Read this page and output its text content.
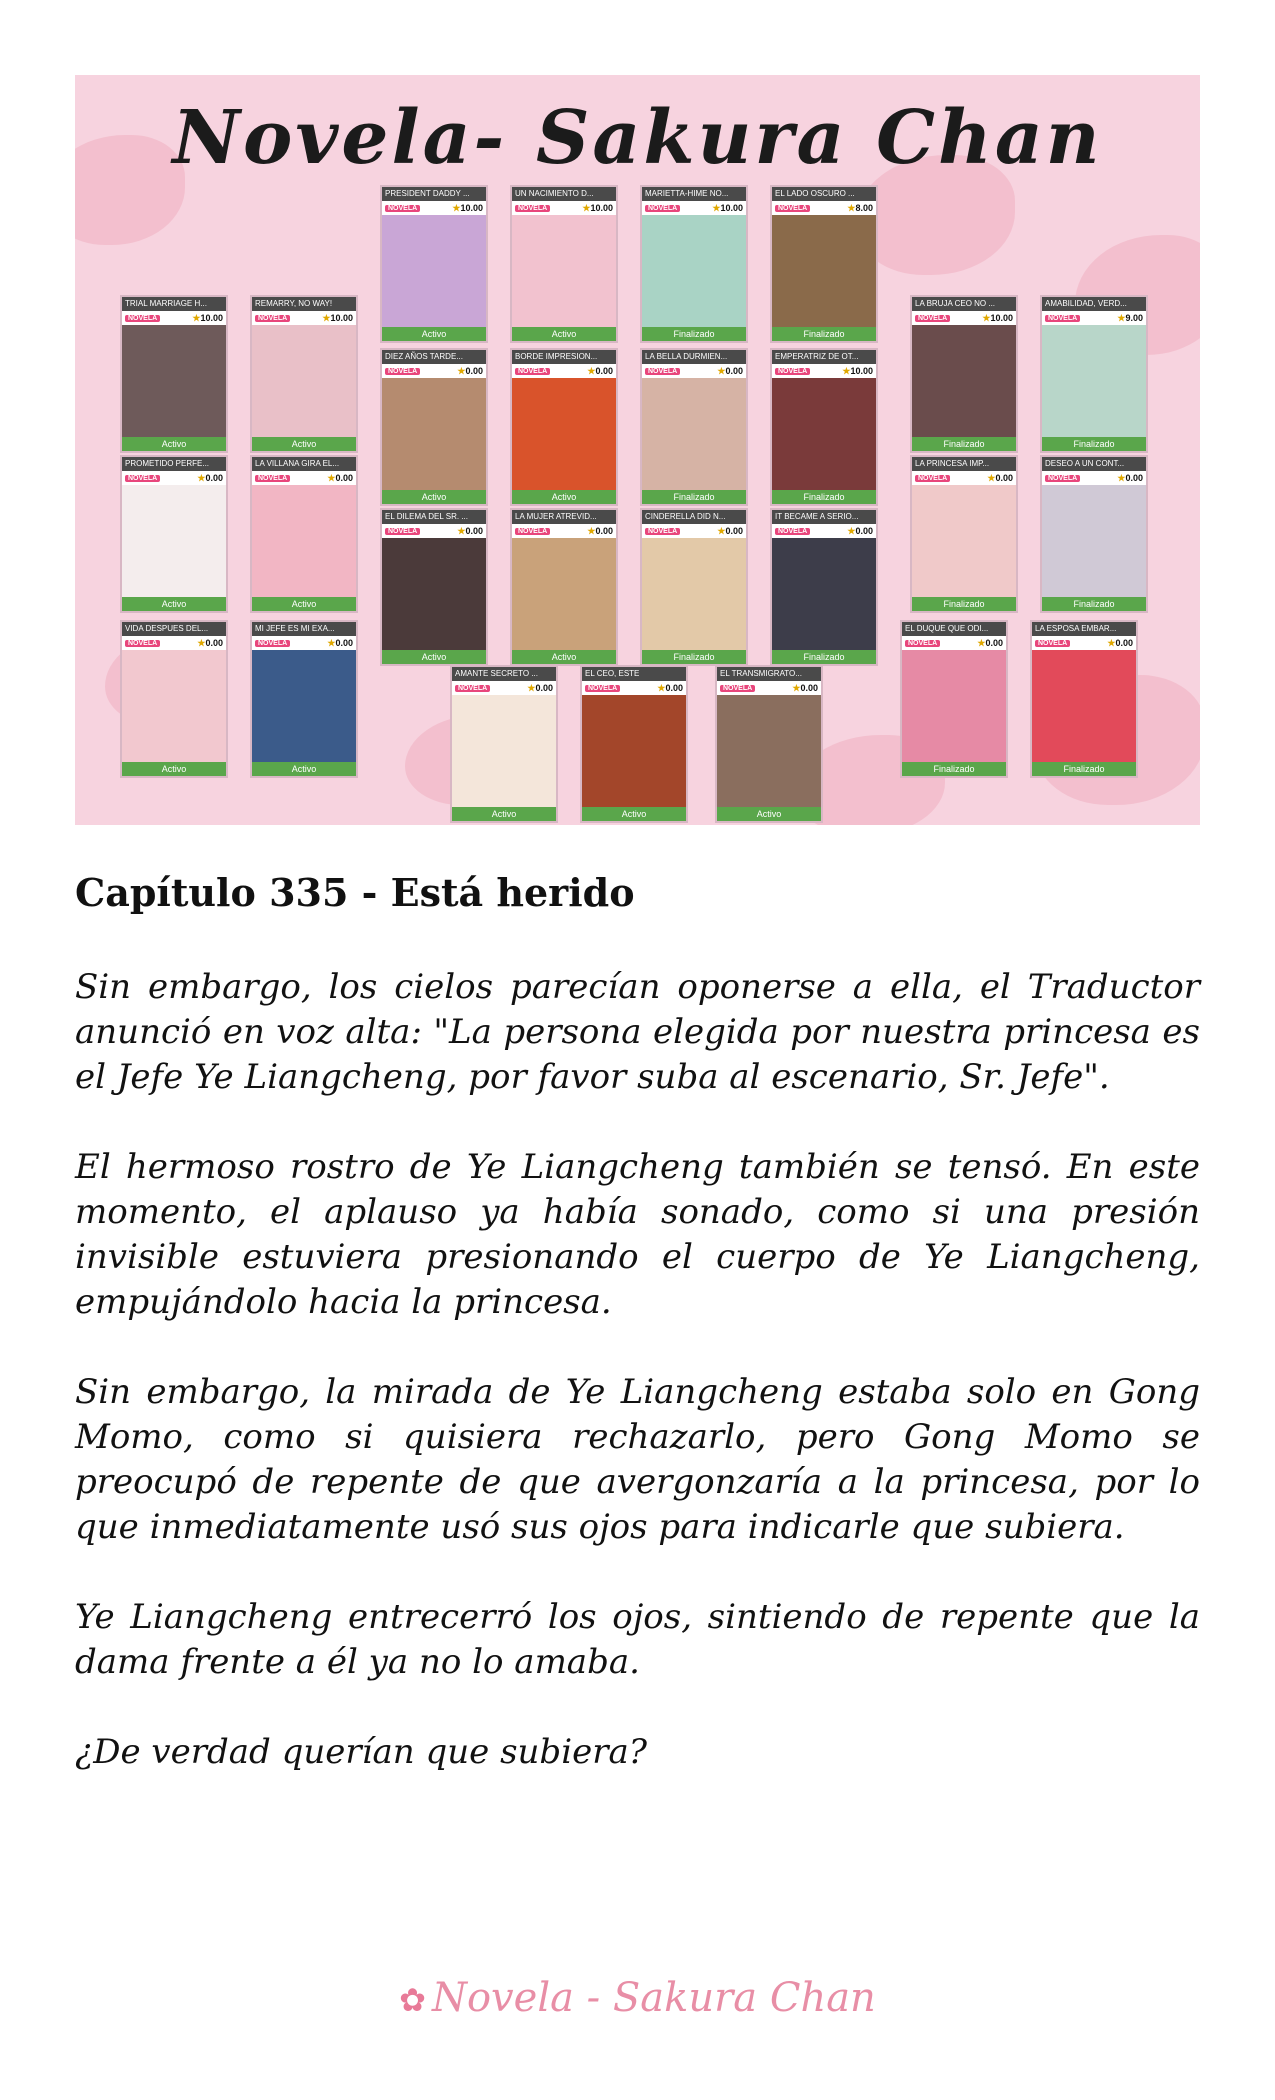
Novela- Sakura Chan
PRESIDENT DADDY ...
NOVELA	★10.00
Activo
UN NACIMIENTO D...
NOVELA	★10.00
Activo
MARIETTA-HIME NO...
NOVELA	★10.00
Finalizado
EL LADO OSCURO ...
NOVELA	★8.00
Finalizado
TRIAL MARRIAGE H...
NOVELA	★10.00
Activo
REMARRY, NO WAY!
NOVELA	★10.00
Activo
DIEZ AÑOS TARDE...
NOVELA	★0.00
Activo
BORDE IMPRESION...
NOVELA	★0.00
Activo
LA BELLA DURMIEN...
NOVELA	★0.00
Finalizado
EMPERATRIZ DE OT...
NOVELA	★10.00
Finalizado
LA BRUJA CEO NO ...
NOVELA	★10.00
Finalizado
AMABILIDAD, VERD...
NOVELA	★9.00
Finalizado
PROMETIDO PERFE...
NOVELA	★0.00
Activo
LA VILLANA GIRA EL...
NOVELA	★0.00
Activo
EL DILEMA DEL SR. ...
NOVELA	★0.00
Activo
LA MUJER ATREVID...
NOVELA	★0.00
Activo
CINDERELLA DID N...
NOVELA	★0.00
Finalizado
IT BECAME A SERIO...
NOVELA	★0.00
Finalizado
LA PRINCESA IMP...
NOVELA	★0.00
Finalizado
DESEO A UN CONT...
NOVELA	★0.00
Finalizado
VIDA DESPUES DEL...
NOVELA	★0.00
Activo
MI JEFE ES MI EXA...
NOVELA	★0.00
Activo
AMANTE SECRETO ...
NOVELA	★0.00
Activo
EL CEO, ESTE
NOVELA	★0.00
Activo
EL TRANSMIGRATO...
NOVELA	★0.00
Activo
EL DUQUE QUE ODI...
NOVELA	★0.00
Finalizado
LA ESPOSA EMBAR...
NOVELA	★0.00
Finalizado
Capítulo 335 - Está herido

Sin embargo, los cielos parecían oponerse a ella, el Traductor anunció en voz alta: "La persona elegida por nuestra princesa es el Jefe Ye Liangcheng, por favor suba al escenario, Sr. Jefe".

El hermoso rostro de Ye Liangcheng también se tensó. En este momento, el aplauso ya había sonado, como si una presión invisible estuviera presionando el cuerpo de Ye Liangcheng, empujándolo hacia la princesa.

Sin embargo, la mirada de Ye Liangcheng estaba solo en Gong Momo, como si quisiera rechazarlo, pero Gong Momo se preocupó de repente de que avergonzaría a la princesa, por lo que inmediatamente usó sus ojos para indicarle que subiera.

Ye Liangcheng entrecerró los ojos, sintiendo de repente que la dama frente a él ya no lo amaba.

¿De verdad querían que subiera?

✿ Novela - Sakura Chan
